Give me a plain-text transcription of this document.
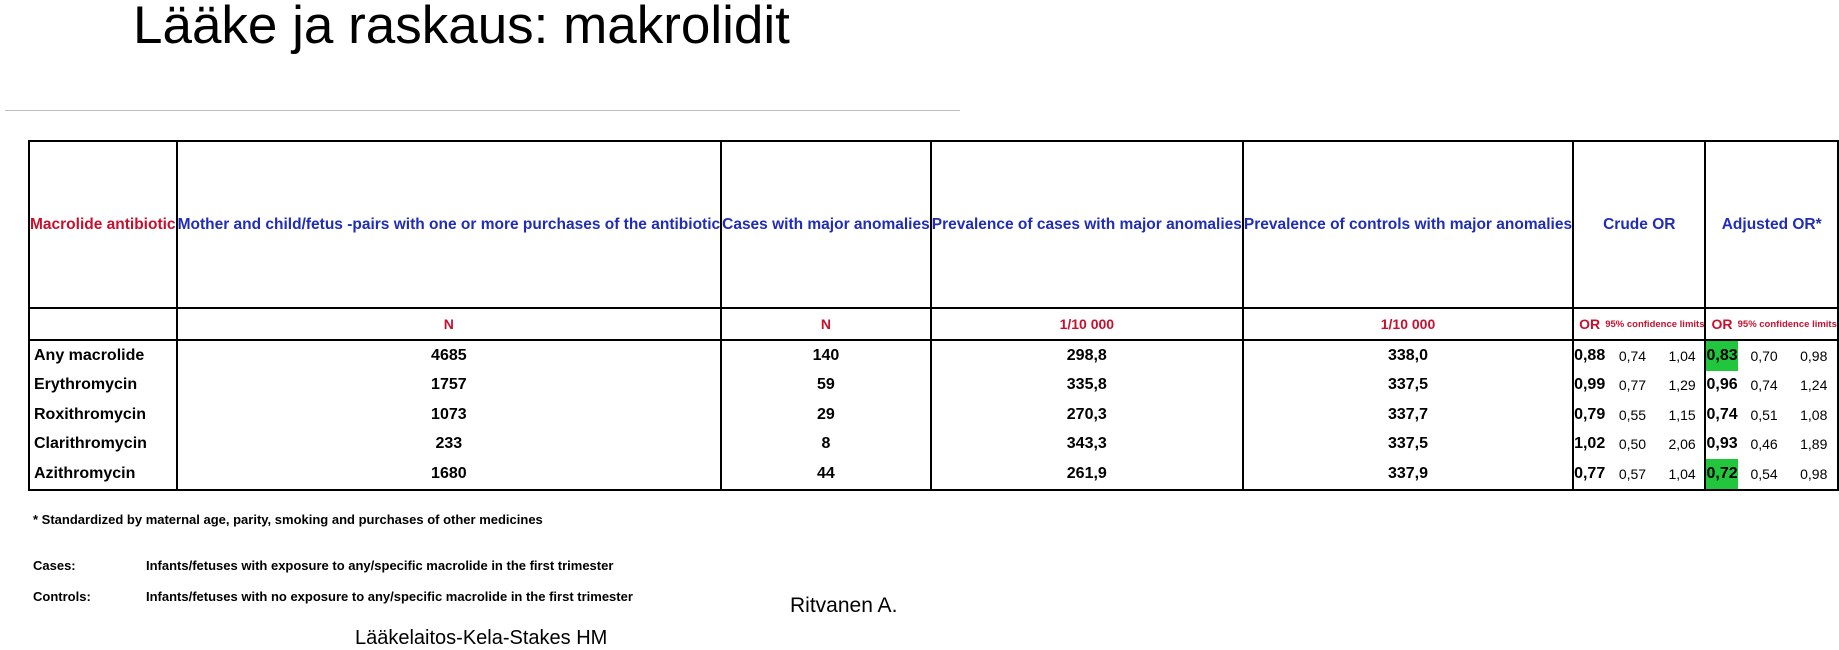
Lääke ja raskaus: makrolidit
Macrolide antibiotic	Mother and child/fetus -pairs with one or more purchases of the antibiotic	Cases with major anomalies	Prevalence of cases with major anomalies	Prevalence of controls with major anomalies	Crude OR			Adjusted OR*		
	N	N	1/10 000	1/10 000	OR	95% confidence limits		OR	95% confidence limits	
Any macrolide	4685	140	298,8	338,0	0,88	0,74	1,04	0,83	0,70	0,98
Erythromycin	1757	59	335,8	337,5	0,99	0,77	1,29	0,96	0,74	1,24
Roxithromycin	1073	29	270,3	337,7	0,79	0,55	1,15	0,74	0,51	1,08
Clarithromycin	233	8	343,3	337,5	1,02	0,50	2,06	0,93	0,46	1,89
Azithromycin	1680	44	261,9	337,9	0,77	0,57	1,04	0,72	0,54	0,98
* Standardized by maternal age, parity, smoking and purchases of other medicines
Cases:	Infants/fetuses with exposure to any/specific macrolide in the first trimester
Controls:	Infants/fetuses with no exposure to any/specific macrolide in the first trimester	Ritvanen A.
Lääkelaitos-Kela-Stakes HM
